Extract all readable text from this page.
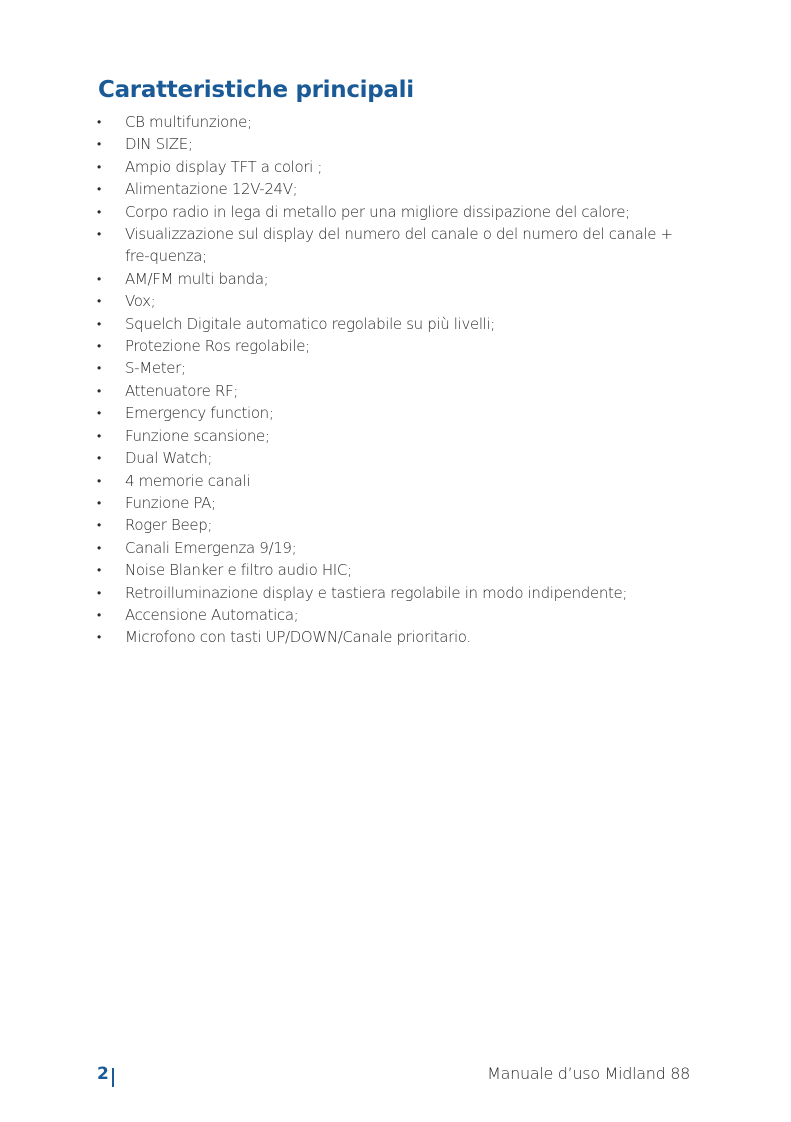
Caratteristiche principali
• CB multifunzione;
• DIN SIZE;
• Ampio display TFT a colori ;
• Alimentazione 12V-24V;
• Corpo radio in lega di metallo per una migliore dissipazione del calore;
• Visualizzazione sul display del numero del canale o del numero del canale + fre-quenza;
• AM/FM multi banda;
• Vox;
• Squelch Digitale automatico regolabile su più livelli;
• Protezione Ros regolabile;
• S-Meter;
• Attenuatore RF;
• Emergency function;
• Funzione scansione;
• Dual Watch;
• 4 memorie canali
• Funzione PA;
• Roger Beep;
• Canali Emergenza 9/19;
• Noise Blanker e filtro audio HIC;
• Retroilluminazione display e tastiera regolabile in modo indipendente;
• Accensione Automatica;
• Microfono con tasti UP/DOWN/Canale prioritario.
2	Manuale d’uso Midland 88
